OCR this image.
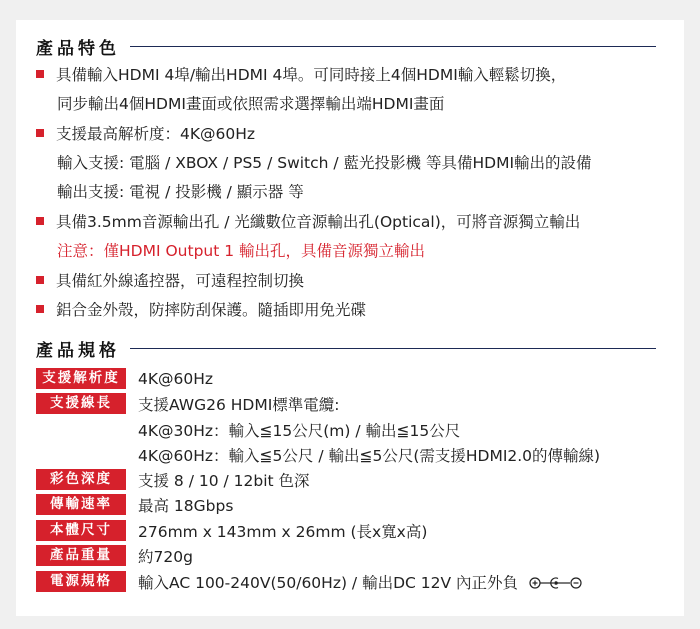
產品特色
具備輸入HDMI 4埠/輸出HDMI 4埠。可同時接上4個HDMI輸入輕鬆切換，
同步輸出4個HDMI畫面或依照需求選擇輸出端HDMI畫面
支援最高解析度：4K@60Hz
輸入支援: 電腦 / XBOX / PS5 / Switch / 藍光投影機 等具備HDMI輸出的設備
輸出支援: 電視 / 投影機 / 顯示器 等
具備3.5mm音源輸出孔 / 光纖數位音源輸出孔(Optical)，可將音源獨立輸出
注意：僅HDMI Output 1 輸出孔，具備音源獨立輸出
具備紅外線遙控器，可遠程控制切換
鋁合金外殼，防摔防刮保護。隨插即用免光碟
產品規格
支援解析度	4K@60Hz
支援線長	支援AWG26 HDMI標準電纜:
4K@30Hz：輸入≦15公尺(m) / 輸出≦15公尺
4K@60Hz：輸入≦5公尺 / 輸出≦5公尺(需支援HDMI2.0的傳輸線)
彩色深度	支援 8 / 10 / 12bit 色深
傳輸速率	最高 18Gbps
本體尺寸	276mm x 143mm x 26mm (長x寬x高)
產品重量	約720g
電源規格	輸入AC 100-240V(50/60Hz) / 輸出DC 12V 內正外負
